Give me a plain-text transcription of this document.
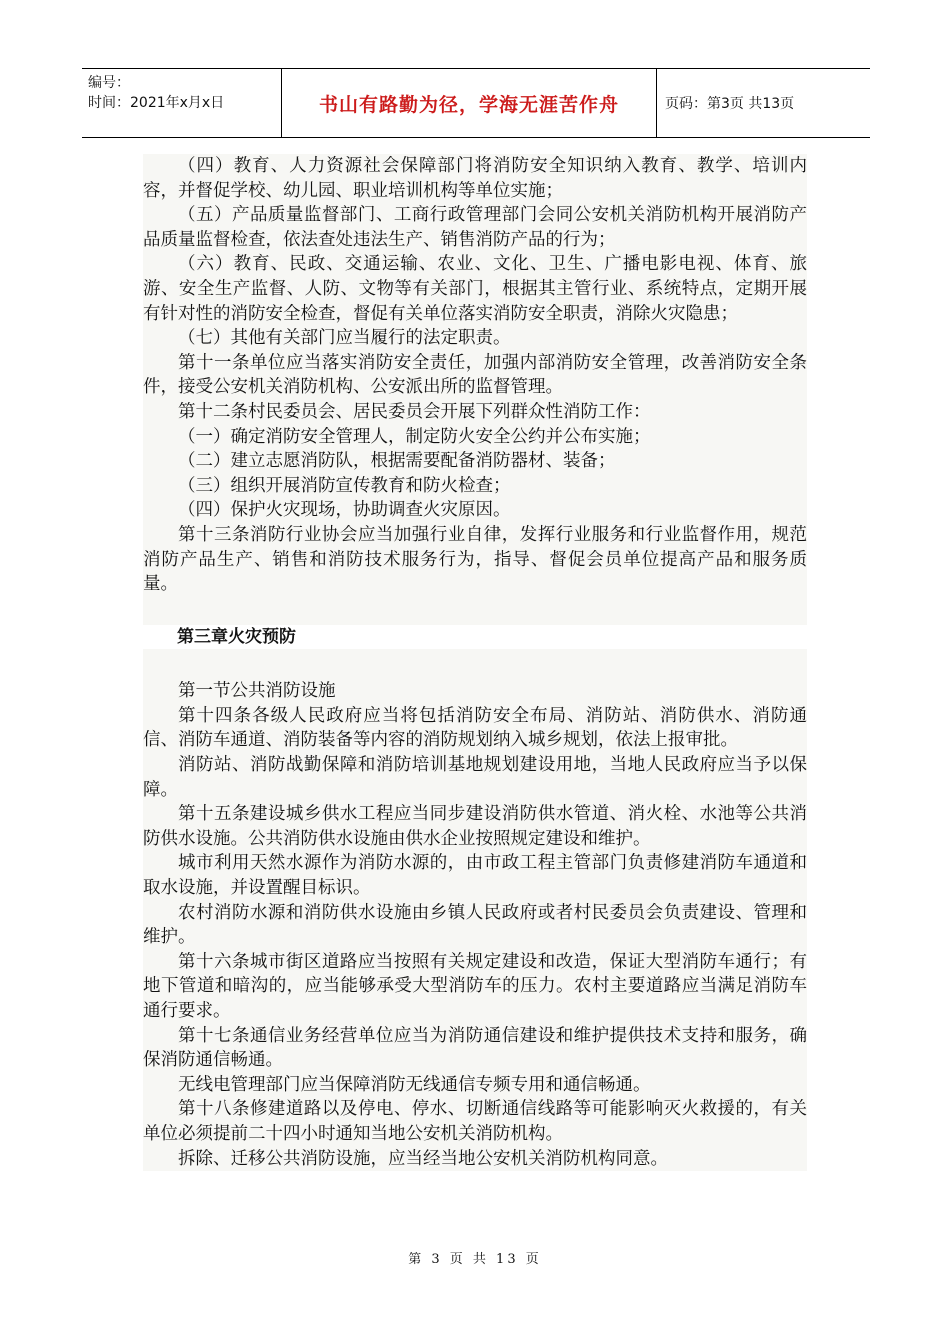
编号：
时间：2021年x月x日	书山有路勤为径，学海无涯苦作舟	页码：第3页 共13页

（四）教育、人力资源社会保障部门将消防安全知识纳入教育、教学、培训内容，并督促学校、幼儿园、职业培训机构等单位实施；

（五）产品质量监督部门、工商行政管理部门会同公安机关消防机构开展消防产品质量监督检查，依法查处违法生产、销售消防产品的行为；

（六）教育、民政、交通运输、农业、文化、卫生、广播电影电视、体育、旅游、安全生产监督、人防、文物等有关部门，根据其主管行业、系统特点，定期开展有针对性的消防安全检查，督促有关单位落实消防安全职责，消除火灾隐患；

（七）其他有关部门应当履行的法定职责。

第十一条单位应当落实消防安全责任，加强内部消防安全管理，改善消防安全条件，接受公安机关消防机构、公安派出所的监督管理。

第十二条村民委员会、居民委员会开展下列群众性消防工作：

（一）确定消防安全管理人，制定防火安全公约并公布实施；

（二）建立志愿消防队，根据需要配备消防器材、装备；

（三）组织开展消防宣传教育和防火检查；

（四）保护火灾现场，协助调查火灾原因。

第十三条消防行业协会应当加强行业自律，发挥行业服务和行业监督作用，规范消防产品生产、销售和消防技术服务行为，指导、督促会员单位提高产品和服务质量。

第三章火灾预防

第一节公共消防设施

第十四条各级人民政府应当将包括消防安全布局、消防站、消防供水、消防通信、消防车通道、消防装备等内容的消防规划纳入城乡规划，依法上报审批。

消防站、消防战勤保障和消防培训基地规划建设用地，当地人民政府应当予以保障。

第十五条建设城乡供水工程应当同步建设消防供水管道、消火栓、水池等公共消防供水设施。公共消防供水设施由供水企业按照规定建设和维护。

城市利用天然水源作为消防水源的，由市政工程主管部门负责修建消防车通道和取水设施，并设置醒目标识。

农村消防水源和消防供水设施由乡镇人民政府或者村民委员会负责建设、管理和维护。

第十六条城市街区道路应当按照有关规定建设和改造，保证大型消防车通行；有地下管道和暗沟的，应当能够承受大型消防车的压力。农村主要道路应当满足消防车通行要求。

第十七条通信业务经营单位应当为消防通信建设和维护提供技术支持和服务，确保消防通信畅通。

无线电管理部门应当保障消防无线通信专频专用和通信畅通。

第十八条修建道路以及停电、停水、切断通信线路等可能影响灭火救援的，有关单位必须提前二十四小时通知当地公安机关消防机构。

拆除、迁移公共消防设施，应当经当地公安机关消防机构同意。

第 3 页 共 13 页
